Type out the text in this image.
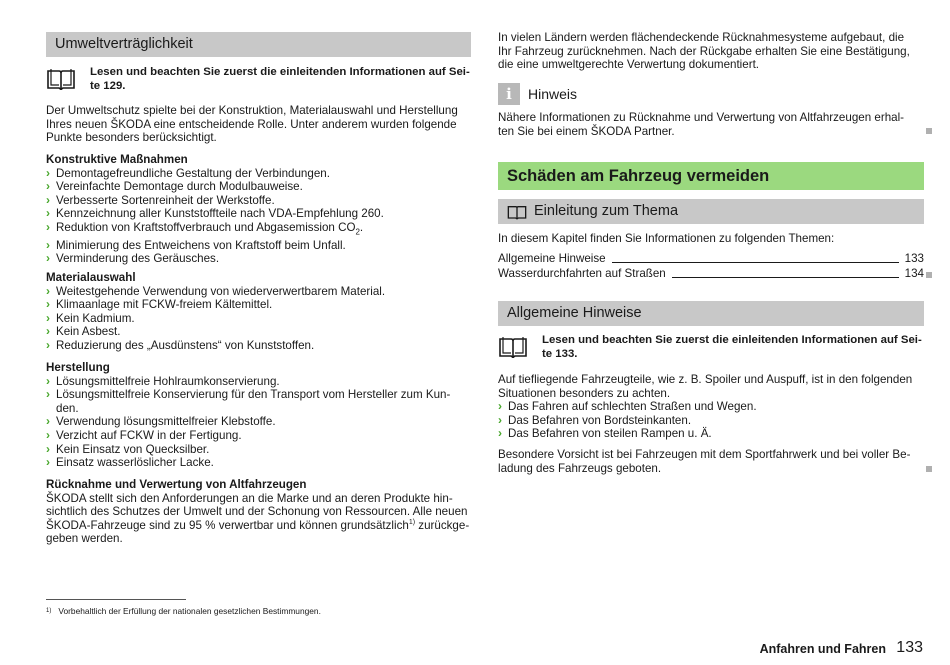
Umweltverträglichkeit
Lesen und beachten Sie zuerst die einleitenden Informationen auf Sei-
te 129.
Der Umweltschutz spielte bei der Konstruktion, Materialauswahl und Herstellung
Ihres neuen ŠKODA eine entscheidende Rolle. Unter anderem wurden folgende
Punkte besonders berücksichtigt.
Konstruktive Maßnahmen
› Demontagefreundliche Gestaltung der Verbindungen.
› Vereinfachte Demontage durch Modulbauweise.
› Verbesserte Sortenreinheit der Werkstoffe.
› Kennzeichnung aller Kunststoffteile nach VDA-Empfehlung 260.
› Reduktion von Kraftstoffverbrauch und Abgasemission $CO_2$.
› Minimierung des Entweichens von Kraftstoff beim Unfall.
› Verminderung des Geräusches.
Materialauswahl
› Weitestgehende Verwendung von wiederverwertbarem Material.
› Klimaanlage mit FCKW-freiem Kältemittel.
› Kein Kadmium.
› Kein Asbest.
› Reduzierung des „Ausdünstens“ von Kunststoffen.
Herstellung
› Lösungsmittelfreie Hohlraumkonservierung.
› Lösungsmittelfreie Konservierung für den Transport vom Hersteller zum Kun-
den.
› Verwendung lösungsmittelfreier Klebstoffe.
› Verzicht auf FCKW in der Fertigung.
› Kein Einsatz von Quecksilber.
› Einsatz wasserlöslicher Lacke.
Rücknahme und Verwertung von Altfahrzeugen
ŠKODA stellt sich den Anforderungen an die Marke und an deren Produkte hin-
sichtlich des Schutzes der Umwelt und der Schonung von Ressourcen. Alle neuen
ŠKODA-Fahrzeuge sind zu 95 % verwertbar und können grundsätzlich$^{1)}$ zurückge-
geben werden.
In vielen Ländern werden flächendeckende Rücknahmesysteme aufgebaut, die
Ihr Fahrzeug zurücknehmen. Nach der Rückgabe erhalten Sie eine Bestätigung,
die eine umweltgerechte Verwertung dokumentiert.
i	Hinweis
Nähere Informationen zu Rücknahme und Verwertung von Altfahrzeugen erhal-
ten Sie bei einem ŠKODA Partner.
Schäden am Fahrzeug vermeiden
Einleitung zum Thema
In diesem Kapitel finden Sie Informationen zu folgenden Themen:
Allgemeine Hinweise	133
Wasserdurchfahrten auf Straßen	134
Allgemeine Hinweise
Lesen und beachten Sie zuerst die einleitenden Informationen auf Sei-
te 133.
Auf tiefliegende Fahrzeugteile, wie z. B. Spoiler und Auspuff, ist in den folgenden
Situationen besonders zu achten.
› Das Fahren auf schlechten Straßen und Wegen.
› Das Befahren von Bordsteinkanten.
› Das Befahren von steilen Rampen u. Ä.
Besondere Vorsicht ist bei Fahrzeugen mit dem Sportfahrwerk und bei voller Be-
ladung des Fahrzeugs geboten.
$^{1)}$ Vorbehaltlich der Erfüllung der nationalen gesetzlichen Bestimmungen.
Anfahren und Fahren 133
